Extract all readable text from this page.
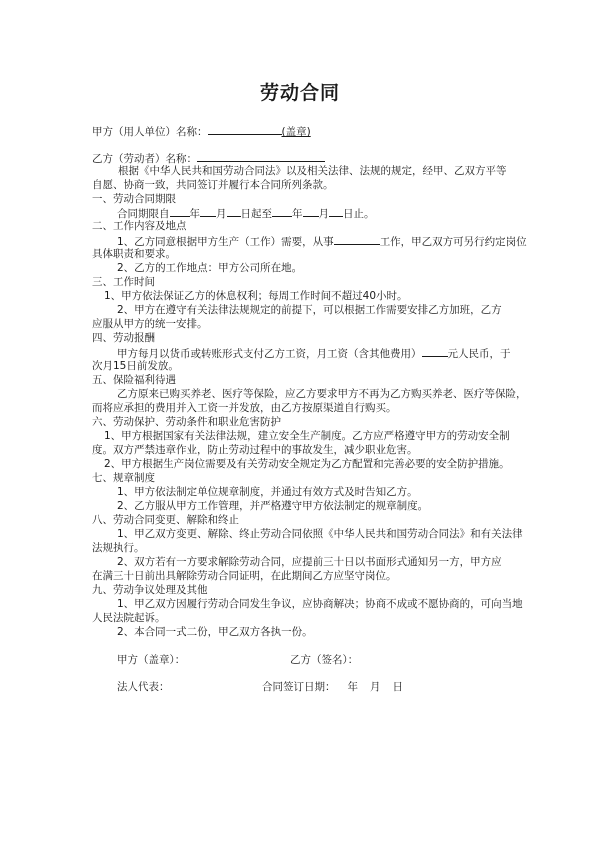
劳动合同
甲方（用人单位）名称：	(盖章)
乙方（劳动者）名称：
根据《中华人民共和国劳动合同法》以及相关法律、法规的规定，经甲、乙双方平等
自愿、协商一致，共同签订并履行本合同所列条款。
一、劳动合同期限
合同期限自 年 月 日起至 年 月 日止。
二、工作内容及地点
1、乙方同意根据甲方生产（工作）需要，从事	工作，甲乙双方可另行约定岗位
具体职责和要求。
2、乙方的工作地点：甲方公司所在地。
三、工作时间
1、甲方依法保证乙方的休息权利；每周工作时间不超过40小时。
2、甲方在遵守有关法律法规规定的前提下，可以根据工作需要安排乙方加班，乙方
应服从甲方的统一安排。
四、劳动报酬
甲方每月以货币或转账形式支付乙方工资，月工资（含其他费用） 元人民币，于
次月15日前发放。
五、保险福利待遇
乙方原来已购买养老、医疗等保险，应乙方要求甲方不再为乙方购买养老、医疗等保险，
而将应承担的费用并入工资一并发放，由乙方按原渠道自行购买。
六、劳动保护、劳动条件和职业危害防护
1、甲方根据国家有关法律法规，建立安全生产制度。乙方应严格遵守甲方的劳动安全制
度。双方严禁违章作业，防止劳动过程中的事故发生，减少职业危害。
2、甲方根据生产岗位需要及有关劳动安全规定为乙方配置和完善必要的安全防护措施。
七、规章制度
1、甲方依法制定单位规章制度，并通过有效方式及时告知乙方。
2、乙方服从甲方工作管理，并严格遵守甲方依法制定的规章制度。
八、劳动合同变更、解除和终止
1、甲乙双方变更、解除、终止劳动合同依照《中华人民共和国劳动合同法》和有关法律
法规执行。
2、双方若有一方要求解除劳动合同，应提前三十日以书面形式通知另一方，甲方应
在满三十日前出具解除劳动合同证明，在此期间乙方应坚守岗位。
九、劳动争议处理及其他
1、甲乙双方因履行劳动合同发生争议，应协商解决；协商不成或不愿协商的，可向当地
人民法院起诉。
2、本合同一式二份，甲乙双方各执一份。
甲方（盖章）：	乙方（签名）：
法人代表：	合同签订日期： 年 月 日
